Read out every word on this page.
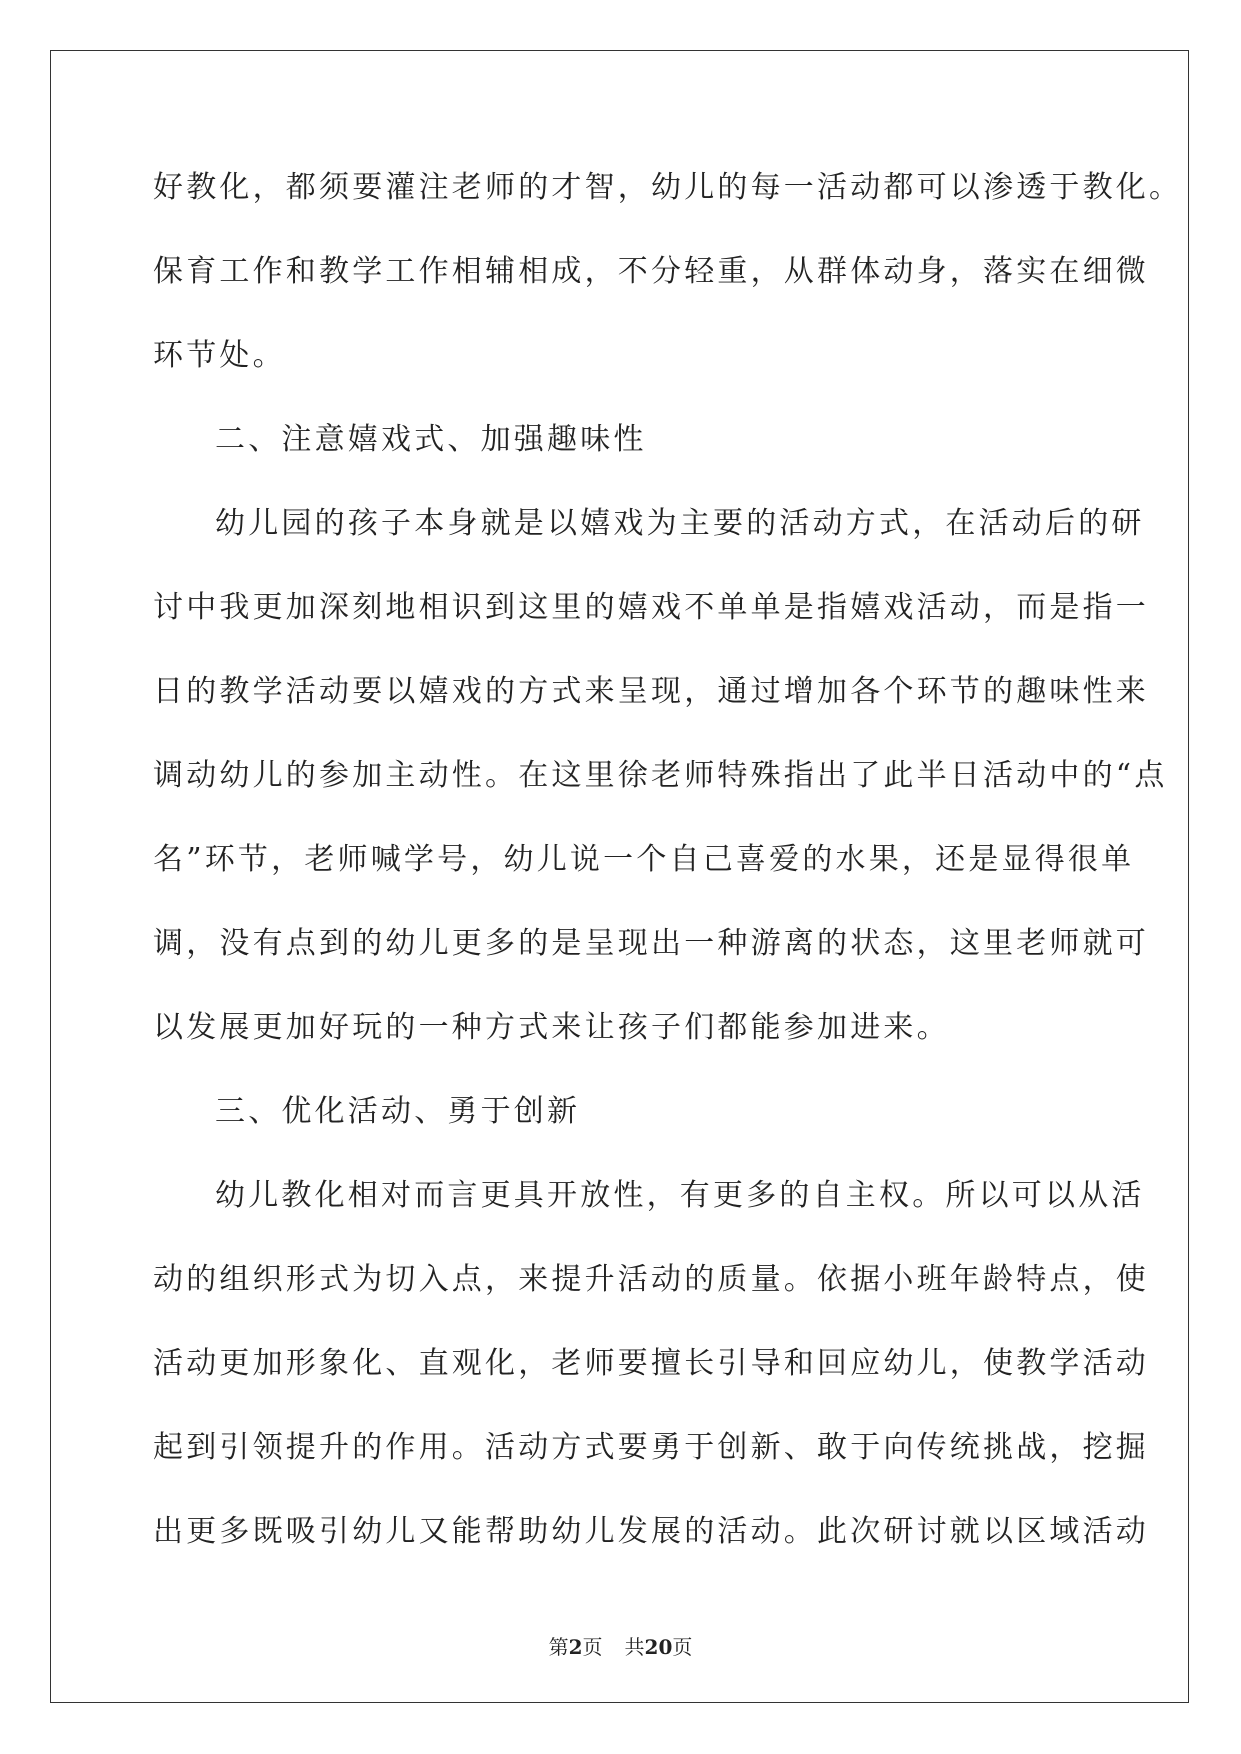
好教化，都须要灌注老师的才智，幼儿的每一活动都可以渗透于教化。
保育工作和教学工作相辅相成，不分轻重，从群体动身，落实在细微
环节处。
二、注意嬉戏式、加强趣味性
幼儿园的孩子本身就是以嬉戏为主要的活动方式，在活动后的研
讨中我更加深刻地相识到这里的嬉戏不单单是指嬉戏活动，而是指一
日的教学活动要以嬉戏的方式来呈现，通过增加各个环节的趣味性来
调动幼儿的参加主动性。在这里徐老师特殊指出了此半日活动中的“点
名”环节，老师喊学号，幼儿说一个自己喜爱的水果，还是显得很单
调，没有点到的幼儿更多的是呈现出一种游离的状态，这里老师就可
以发展更加好玩的一种方式来让孩子们都能参加进来。
三、优化活动、勇于创新
幼儿教化相对而言更具开放性，有更多的自主权。所以可以从活
动的组织形式为切入点，来提升活动的质量。依据小班年龄特点，使
活动更加形象化、直观化，老师要擅长引导和回应幼儿，使教学活动
起到引领提升的作用。活动方式要勇于创新、敢于向传统挑战，挖掘
出更多既吸引幼儿又能帮助幼儿发展的活动。此次研讨就以区域活动
第2页 共20页
